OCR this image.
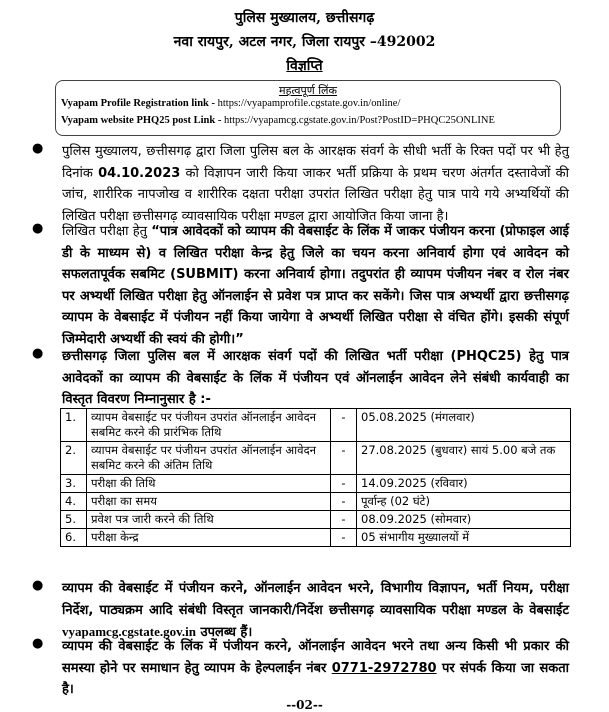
पुलिस मुख्यालय, छत्तीसगढ़
नवा रायपुर, अटल नगर, जिला रायपुर –492002
विज्ञप्ति
महत्वपूर्ण लिंक
Vyapam Profile Registration link - https://vyapamprofile.cgstate.gov.in/online/
Vyapam website PHQ25 post Link - https://vyapamcg.cgstate.gov.in/Post?PostID=PHQC25ONLINE
● पुलिस मुख्यालय, छत्तीसगढ़ द्वारा जिला पुलिस बल के आरक्षक संवर्ग के सीधी भर्ती के रिक्त पदों पर भी हेतु दिनांक 04.10.2023 को विज्ञापन जारी किया जाकर भर्ती प्रक्रिया के प्रथम चरण अंतर्गत दस्तावेजों की जांच, शारीरिक नापजोख व शारीरिक दक्षता परीक्षा उपरांत लिखित परीक्षा हेतु पात्र पाये गये अभ्यर्थियों की लिखित परीक्षा छत्तीसगढ़ व्यावसायिक परीक्षा मण्डल द्वारा आयोजित किया जाना है।
● लिखित परीक्षा हेतु “पात्र आवेदकों को व्यापम की वेबसाईट के लिंक में जाकर पंजीयन करना (प्रोफाइल आई डी के माध्यम से) व लिखित परीक्षा केन्द्र हेतु जिले का चयन करना अनिवार्य होगा एवं आवेदन को सफलतापूर्वक सबमिट (SUBMIT) करना अनिवार्य होगा। तदुपरांत ही व्यापम पंजीयन नंबर व रोल नंबर पर अभ्यर्थी लिखित परीक्षा हेतु ऑनलाईन से प्रवेश पत्र प्राप्त कर सकेंगे। जिस पात्र अभ्यर्थी द्वारा छत्तीसगढ़ व्यापम के वेबसाईट में पंजीयन नहीं किया जायेगा वे अभ्यर्थी लिखित परीक्षा से वंचित होंगे। इसकी संपूर्ण जिम्मेदारी अभ्यर्थी की स्वयं की होगी।”
● छत्तीसगढ़ जिला पुलिस बल में आरक्षक संवर्ग पदों की लिखित भर्ती परीक्षा (PHQC25) हेतु पात्र आवेदकों का व्यापम की वेबसाईट के लिंक में पंजीयन एवं ऑनलाईन आवेदन लेने संबंधी कार्यवाही का विस्तृत विवरण निम्नानुसार है :-
1.	व्यापम वेबसाईट पर पंजीयन उपरांत ऑनलाईन आवेदन सबमिट करने की प्रारंभिक तिथि	-	05.08.2025 (मंगलवार)
2.	व्यापम वेबसाईट पर पंजीयन उपरांत ऑनलाईन आवेदन सबमिट करने की अंतिम तिथि	-	27.08.2025 (बुधवार) सायं 5.00 बजे तक
3.	परीक्षा की तिथि	-	14.09.2025 (रविवार)
4.	परीक्षा का समय	-	पूर्वान्ह (02 घंटे)
5.	प्रवेश पत्र जारी करने की तिथि	-	08.09.2025 (सोमवार)
6.	परीक्षा केन्द्र	-	05 संभागीय मुख्यालयों में
● व्यापम की वेबसाईट में पंजीयन करने, ऑनलाईन आवेदन भरने, विभागीय विज्ञापन, भर्ती नियम, परीक्षा निर्देश, पाठ्यक्रम आदि संबंधी विस्तृत जानकारी/निर्देश छत्तीसगढ़ व्यावसायिक परीक्षा मण्डल के वेबसाईट vyapamcg.cgstate.gov.in उपलब्ध हैं।
● व्यापम की वेबसाईट के लिंक में पंजीयन करने, ऑनलाईन आवेदन भरने तथा अन्य किसी भी प्रकार की समस्या होने पर समाधान हेतु व्यापम के हेल्पलाईन नंबर 0771-2972780 पर संपर्क किया जा सकता है।
--02--
